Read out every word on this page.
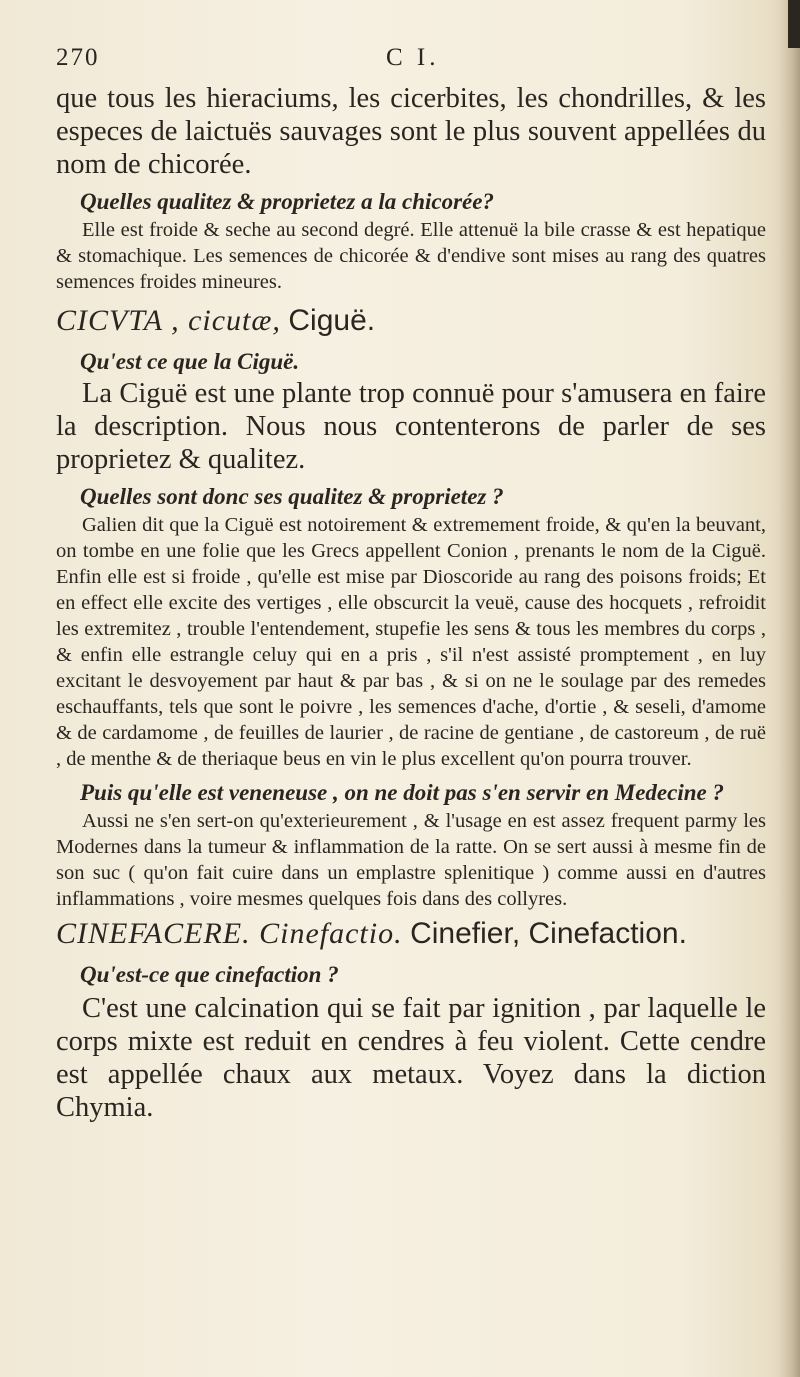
270	C I.

que tous les hieraciums, les cicerbites, les chondrilles, & les especes de laictuës sauvages sont le plus souvent appellées du nom de chicorée.

Quelles qualitez & proprietez a la chicorée?

Elle est froide & seche au second degré. Elle attenuë la bile crasse & est hepatique & stomachique. Les semences de chicorée & d'endive sont mises au rang des quatres semences froides mineures.

CICVTA , cicutæ, Ciguë.

Qu'est ce que la Ciguë.

La Ciguë est une plante trop connuë pour s'amusera en faire la description. Nous nous contenterons de parler de ses proprietez & qualitez.

Quelles sont donc ses qualitez & proprietez ?

Galien dit que la Ciguë est notoirement & extremement froide, & qu'en la beuvant, on tombe en une folie que les Grecs appellent Conion , prenants le nom de la Ciguë. Enfin elle est si froide , qu'elle est mise par Dioscoride au rang des poisons froids; Et en effect elle excite des vertiges , elle obscurcit la veuë, cause des hocquets , refroidit les extremitez , trouble l'entendement, stupefie les sens & tous les membres du corps , & enfin elle estrangle celuy qui en a pris , s'il n'est assisté promptement , en luy excitant le desvoyement par haut & par bas , & si on ne le soulage par des remedes eschauffants, tels que sont le poivre , les semences d'ache, d'ortie , & seseli, d'amome & de cardamome , de feuilles de laurier , de racine de gentiane , de castoreum , de ruë , de menthe & de theriaque beus en vin le plus excellent qu'on pourra trouver.

Puis qu'elle est veneneuse , on ne doit pas s'en servir en Medecine ?

Aussi ne s'en sert-on qu'exterieurement , & l'usage en est assez frequent parmy les Modernes dans la tumeur & inflammation de la ratte. On se sert aussi à mesme fin de son suc ( qu'on fait cuire dans un emplastre splenitique ) comme aussi en d'autres inflammations , voire mesmes quelques fois dans des collyres.

CINEFACERE. Cinefactio. Cinefier, Cinefaction.

Qu'est-ce que cinefaction ?

C'est une calcination qui se fait par ignition , par laquelle le corps mixte est reduit en cendres à feu violent. Cette cendre est appellée chaux aux metaux. Voyez dans la diction Chymia.
